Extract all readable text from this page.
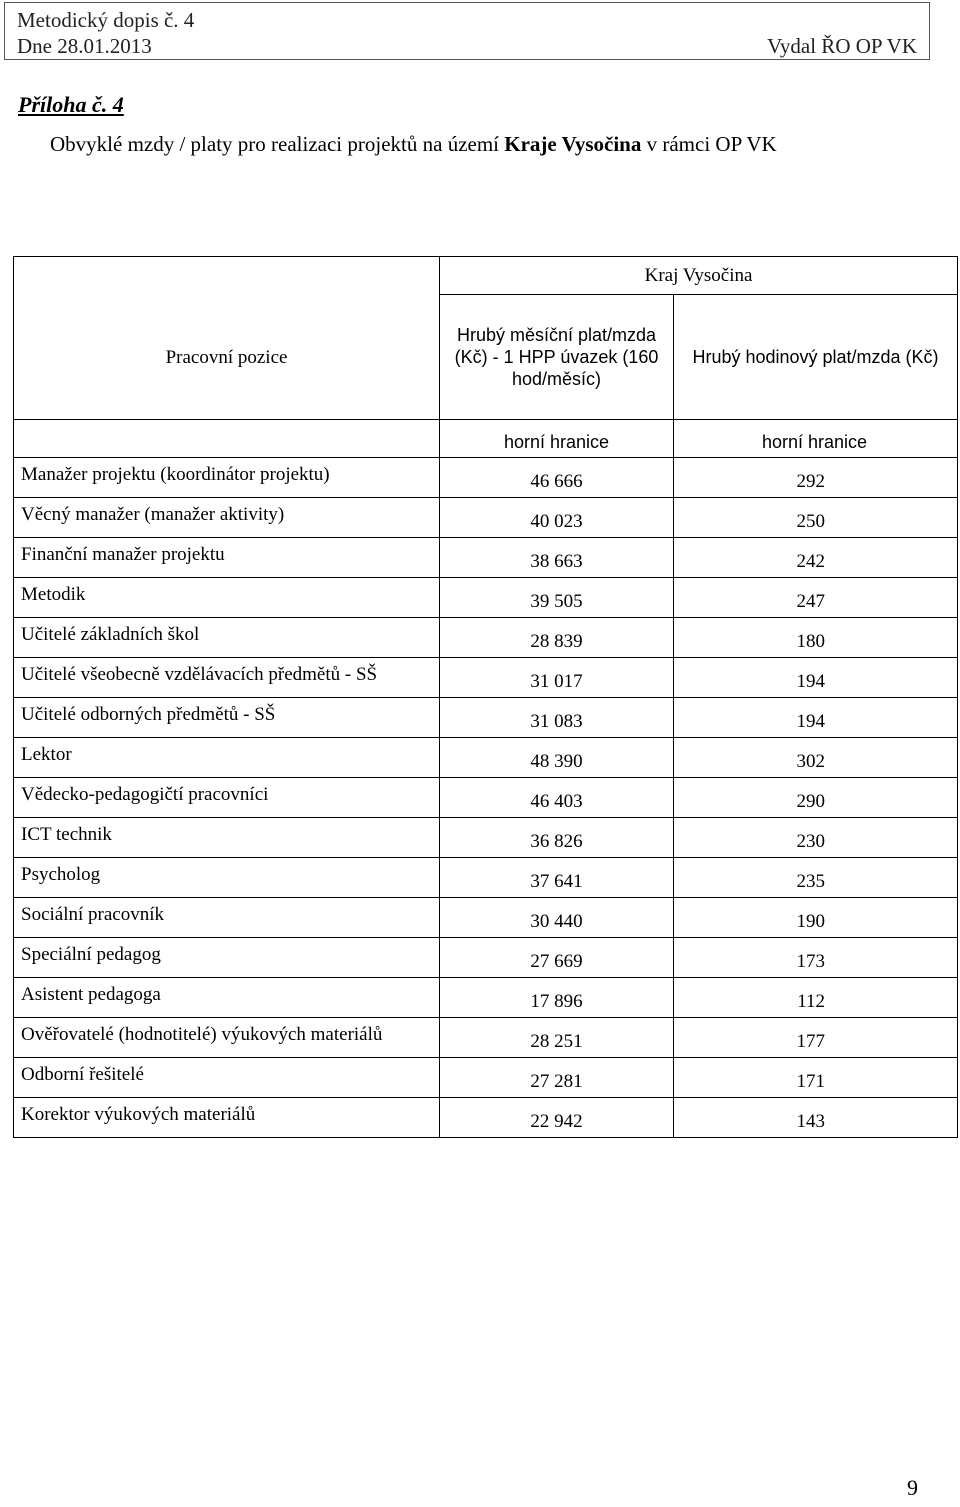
Metodický dopis č. 4
Dne 28.01.2013	Vydal ŘO OP VK
Příloha č. 4
Obvyklé mzdy / platy pro realizaci projektů na území Kraje Vysočina v rámci OP VK
Pracovní pozice	Kraj Vysočina	
	Hrubý měsíční plat/mzda (Kč) - 1 HPP úvazek (160 hod/měsíc)	Hrubý hodinový plat/mzda (Kč)
	horní hranice	horní hranice
Manažer projektu (koordinátor projektu)	46 666	292
Věcný manažer (manažer aktivity)	40 023	250
Finanční manažer projektu	38 663	242
Metodik	39 505	247
Učitelé základních škol	28 839	180
Učitelé všeobecně vzdělávacích předmětů - SŠ	31 017	194
Učitelé odborných předmětů - SŠ	31 083	194
Lektor	48 390	302
Vědecko-pedagogičtí pracovníci	46 403	290
ICT technik	36 826	230
Psycholog	37 641	235
Sociální pracovník	30 440	190
Speciální pedagog	27 669	173
Asistent pedagoga	17 896	112
Ověřovatelé (hodnotitelé) výukových materiálů	28 251	177
Odborní řešitelé	27 281	171
Korektor výukových materiálů	22 942	143
9
